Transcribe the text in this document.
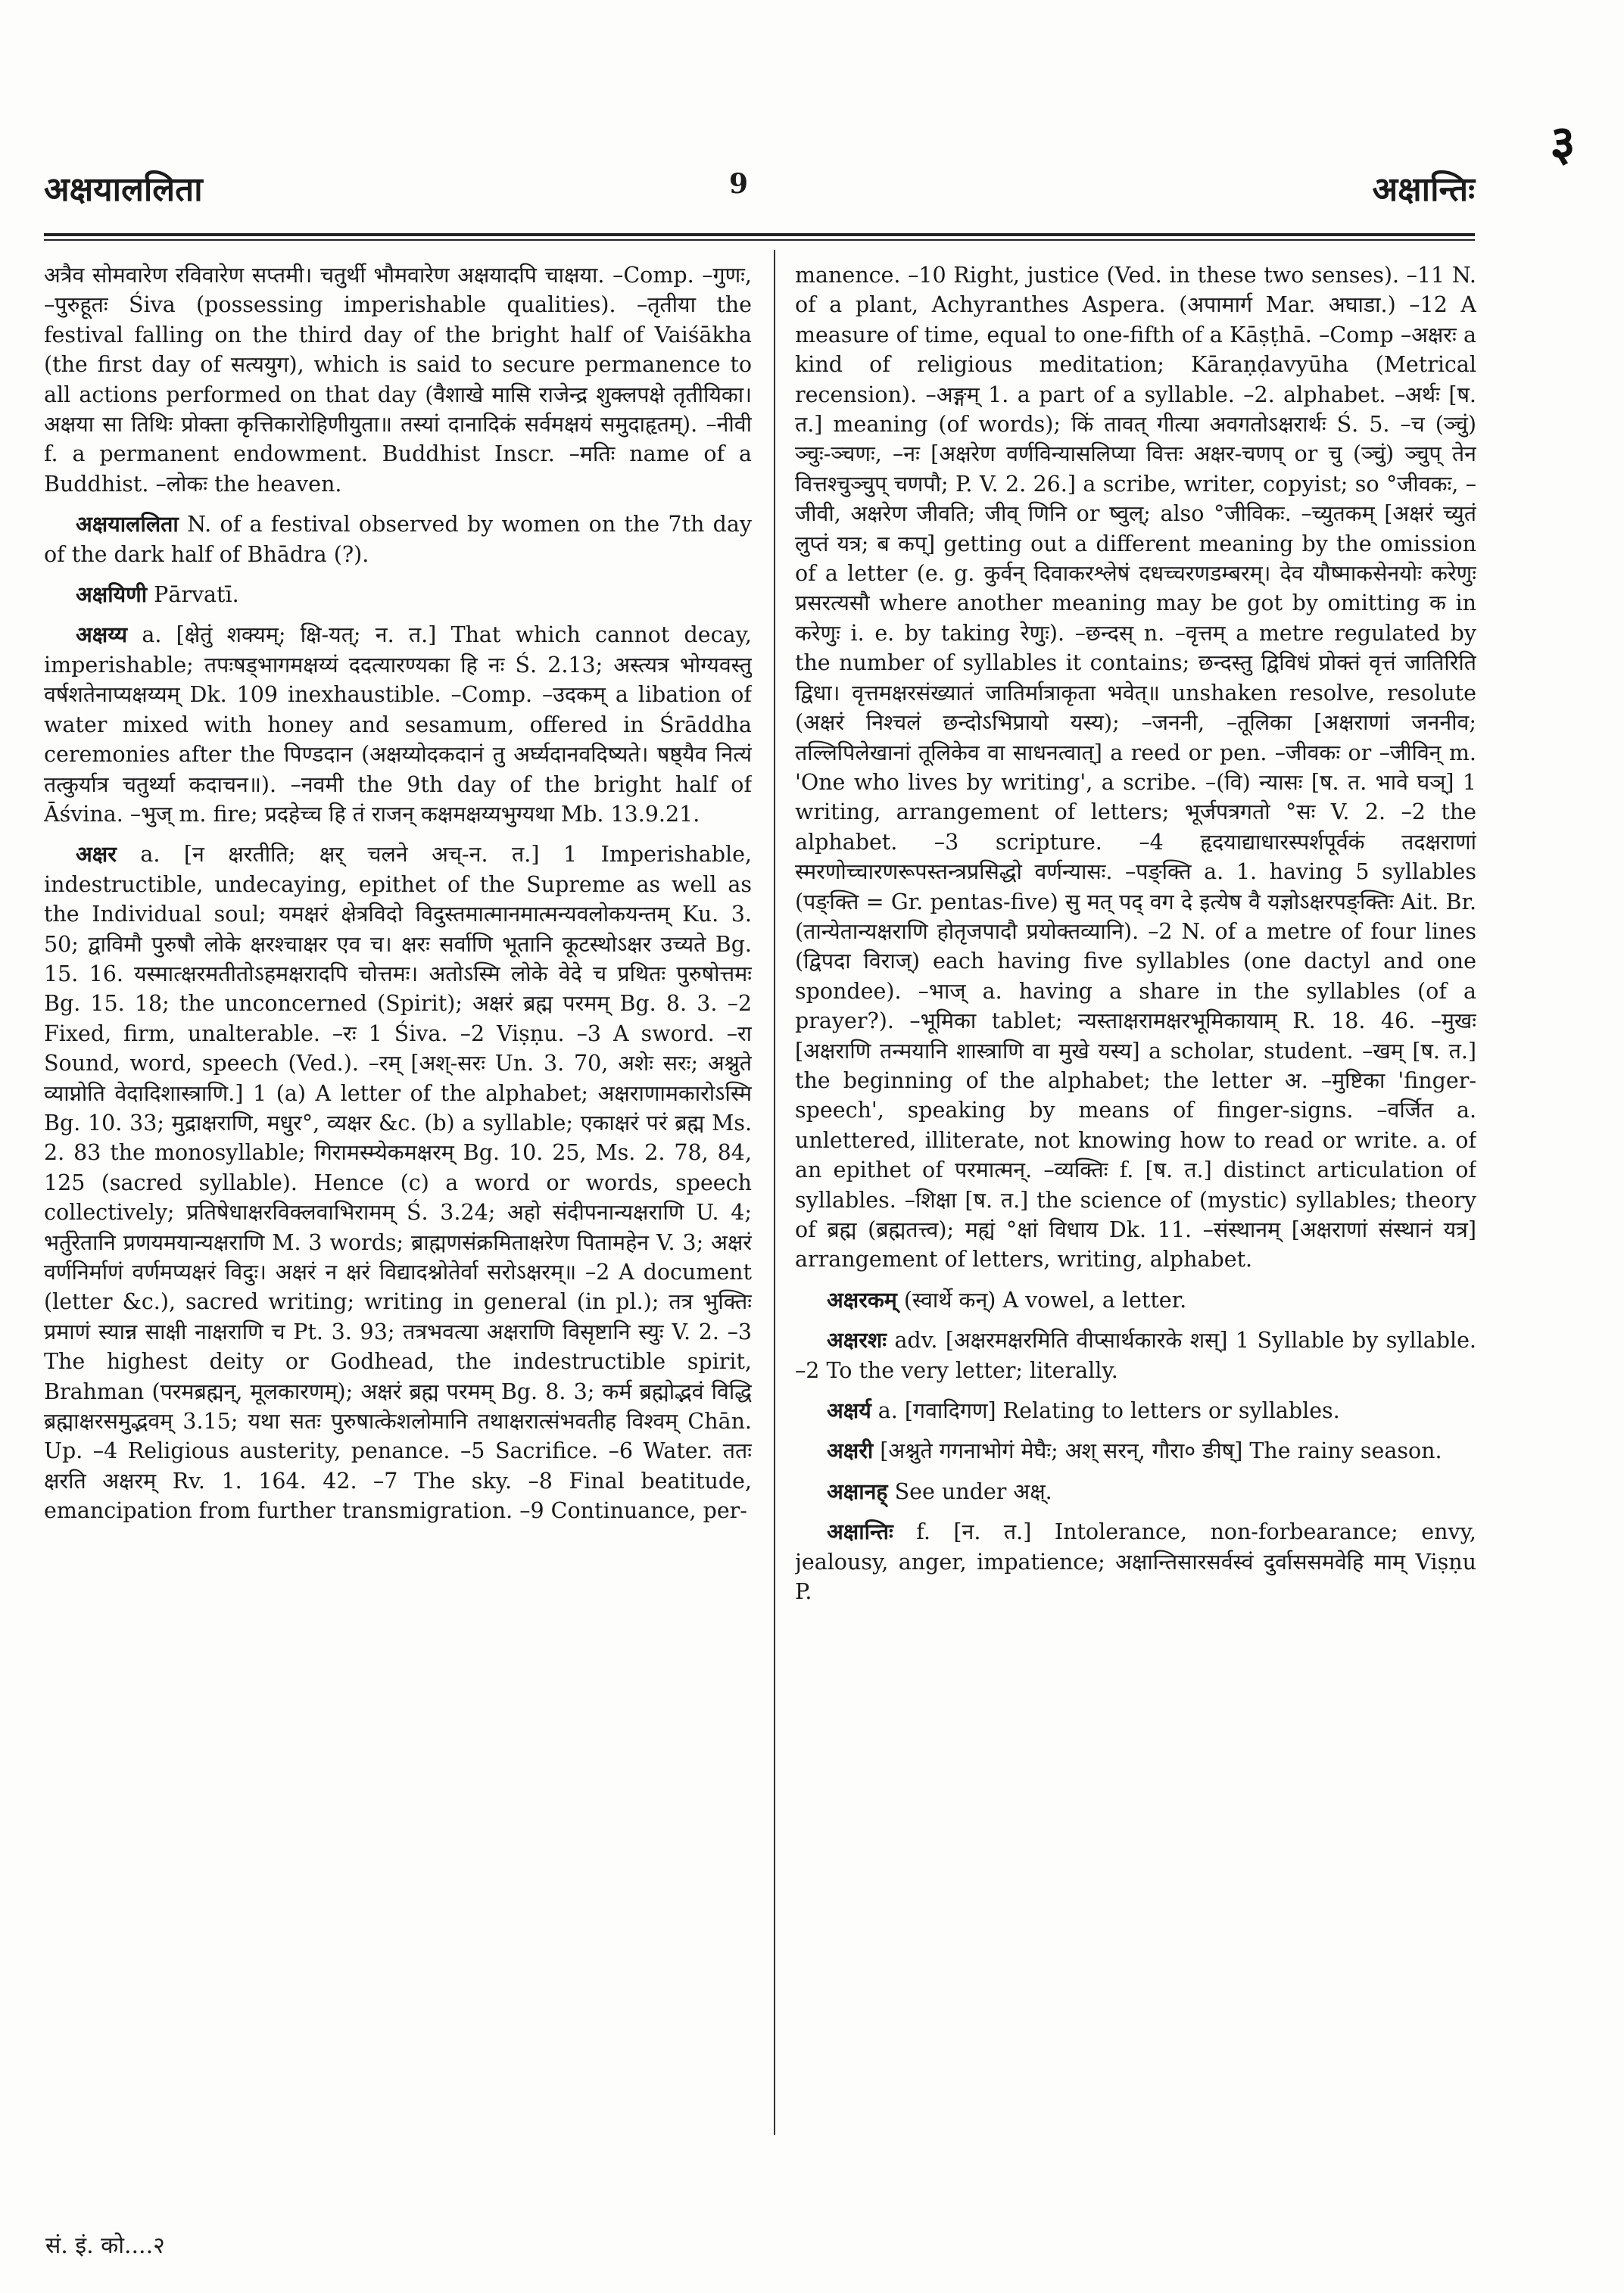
३
अक्षयाललिता	9	अक्षान्तिः

अत्रैव सोमवारेण रविवारेण सप्तमी। चतुर्थी भौमवारेण अक्षयादपि चाक्षया. –Comp. –गुणः, –पुरुहूतः Śiva (possessing imperishable qualities). –तृतीया the festival falling on the third day of the bright half of Vaiśākha (the first day of सत्ययुग), which is said to secure permanence to all actions performed on that day (वैशाखे मासि राजेन्द्र शुक्लपक्षे तृतीयिका। अक्षया सा तिथिः प्रोक्ता कृत्तिकारोहिणीयुता॥ तस्यां दानादिकं सर्वमक्षयं समुदाहृतम्). –नीवी f. a permanent endowment. Buddhist Inscr. –मतिः name of a Buddhist. –लोकः the heaven.

अक्षयाललिता N. of a festival observed by women on the 7th day of the dark half of Bhādra (?).

अक्षयिणी Pārvatī.

अक्षय्य a. [क्षेतुं शक्यम्; क्षि-यत्; न. त.] That which cannot decay, imperishable; तपःषड्भागमक्षय्यं ददत्यारण्यका हि नः Ś. 2.13; अस्त्यत्र भोग्यवस्तु वर्षशतेनाप्यक्षय्यम् Dk. 109 inexhaustible. –Comp. –उदकम् a libation of water mixed with honey and sesamum, offered in Śrāddha ceremonies after the पिण्डदान (अक्षय्योदकदानं तु अर्घ्यदानवदिष्यते। षष्ठ्यैव नित्यं तत्कुर्यात्र चतुर्थ्या कदाचन॥). –नवमी the 9th day of the bright half of Āśvina. –भुज् m. fire; प्रदहेच्च हि तं राजन् कक्षमक्षय्यभुग्यथा Mb. 13.9.21.

अक्षर a. [न क्षरतीति; क्षर् चलने अच्-न. त.] 1 Imperishable, indestructible, undecaying, epithet of the Supreme as well as the Individual soul; यमक्षरं क्षेत्रविदो विदुस्तमात्मानमात्मन्यवलोकयन्तम् Ku. 3. 50; द्वाविमौ पुरुषौ लोके क्षरश्चाक्षर एव च। क्षरः सर्वाणि भूतानि कूटस्थोऽक्षर उच्यते Bg. 15. 16. यस्मात्क्षरमतीतोऽहमक्षरादपि चोत्तमः। अतोऽस्मि लोके वेदे च प्रथितः पुरुषोत्तमः Bg. 15. 18; the unconcerned (Spirit); अक्षरं ब्रह्म परमम् Bg. 8. 3. –2 Fixed, firm, unalterable. –रः 1 Śiva. –2 Viṣṇu. –3 A sword. –रा Sound, word, speech (Ved.). –रम् [अश्-सरः Un. 3. 70, अशेः सरः; अश्नुते व्याप्नोति वेदादिशास्त्राणि.] 1 (a) A letter of the alphabet; अक्षराणामकारोऽस्मि Bg. 10. 33; मुद्राक्षराणि, मधुर°, व्यक्षर &c. (b) a syllable; एकाक्षरं परं ब्रह्म Ms. 2. 83 the monosyllable; गिरामस्म्येकमक्षरम् Bg. 10. 25, Ms. 2. 78, 84, 125 (sacred syllable). Hence (c) a word or words, speech collectively; प्रतिषेधाक्षरविक्लवाभिरामम् Ś. 3.24; अहो संदीपनान्यक्षराणि U. 4; भर्तुरेतानि प्रणयमयान्यक्षराणि M. 3 words; ब्राह्मणसंक्रमिताक्षरेण पितामहेन V. 3; अक्षरं वर्णनिर्माणं वर्णमप्यक्षरं विदुः। अक्षरं न क्षरं विद्यादश्नोतेर्वा सरोऽक्षरम्॥ –2 A document (letter &c.), sacred writing; writing in general (in pl.); तत्र भुक्तिः प्रमाणं स्यान्न साक्षी नाक्षराणि च Pt. 3. 93; तत्रभवत्या अक्षराणि विसृष्टानि स्युः V. 2. –3 The highest deity or Godhead, the indestructible spirit, Brahman (परमब्रह्मन्, मूलकारणम्); अक्षरं ब्रह्म परमम् Bg. 8. 3; कर्म ब्रह्मोद्भवं विद्धि ब्रह्माक्षरसमुद्भवम् 3.15; यथा सतः पुरुषात्केशलोमानि तथाक्षरात्संभवतीह विश्वम् Chān. Up. –4 Religious austerity, penance. –5 Sacrifice. –6 Water. ततः क्षरति अक्षरम् Rv. 1. 164. 42. –7 The sky. –8 Final beatitude, emancipation from further transmigration. –9 Continuance, per-

manence. –10 Right, justice (Ved. in these two senses). –11 N. of a plant, Achyranthes Aspera. (अपामार्ग Mar. अघाडा.) –12 A measure of time, equal to one-fifth of a Kāṣṭhā. –Comp –अक्षरः a kind of religious meditation; Kāraṇḍavyūha (Metrical recension). –अङ्गम् 1. a part of a syllable. –2. alphabet. –अर्थः [ष. त.] meaning (of words); किं तावत् गीत्या अवगतोऽक्षरार्थः Ś. 5. –च (ञ्चुं) ञ्चुः-ञ्चणः, –नः [अक्षरेण वर्णविन्यासलिप्या वित्तः अक्षर-चणप् or चु (ञ्चुं) ञ्चुप् तेन वित्तश्चुञ्चुप् चणपौ; P. V. 2. 26.] a scribe, writer, copyist; so °जीवकः, –जीवी, अक्षरेण जीवति; जीव् णिनि or ष्वुल्; also °जीविकः. –च्युतकम् [अक्षरं च्युतं लुप्तं यत्र; ब कप्] getting out a different meaning by the omission of a letter (e. g. कुर्वन् दिवाकरश्लेषं दधच्चरणडम्बरम्। देव यौष्माकसेनयोः करेणुः प्रसरत्यसौ where another meaning may be got by omitting क in करेणुः i. e. by taking रेणुः). –छन्दस् n. –वृत्तम् a metre regulated by the number of syllables it contains; छन्दस्तु द्विविधं प्रोक्तं वृत्तं जातिरिति द्विधा। वृत्तमक्षरसंख्यातं जातिर्मात्राकृता भवेत्॥ unshaken resolve, resolute (अक्षरं निश्चलं छन्दोऽभिप्रायो यस्य); –जननी, –तूलिका [अक्षराणां जननीव; तल्लिपिलेखानां तूलिकेव वा साधनत्वात्] a reed or pen. –जीवकः or –जीविन् m. 'One who lives by writing', a scribe. –(वि) न्यासः [ष. त. भावे घञ्] 1 writing, arrangement of letters; भूर्जपत्रगतो °सः V. 2. –2 the alphabet. –3 scripture. –4 हृदयाद्याधारस्पर्शपूर्वकं तदक्षराणां स्मरणोच्चारणरूपस्तन्त्रप्रसिद्धो वर्णन्यासः. –पङ्क्ति a. 1. having 5 syllables (पङ्क्ति = Gr. pentas-five) सु मत् पद् वग दे इत्येष वै यज्ञोऽक्षरपङ्क्तिः Ait. Br. (तान्येतान्यक्षराणि होतृजपादौ प्रयोक्तव्यानि). –2 N. of a metre of four lines (द्विपदा विराज्) each having five syllables (one dactyl and one spondee). –भाज् a. having a share in the syllables (of a prayer?). –भूमिका tablet; न्यस्ताक्षरामक्षरभूमिकायाम् R. 18. 46. –मुखः [अक्षराणि तन्मयानि शास्त्राणि वा मुखे यस्य] a scholar, student. –खम् [ष. त.] the beginning of the alphabet; the letter अ. –मुष्टिका 'finger-speech', speaking by means of finger-signs. –वर्जित a. unlettered, illiterate, not knowing how to read or write. a. of an epithet of परमात्मन्. –व्यक्तिः f. [ष. त.] distinct articulation of syllables. –शिक्षा [ष. त.] the science of (mystic) syllables; theory of ब्रह्म (ब्रह्मतत्त्व); मह्यं °क्षां विधाय Dk. 11. –संस्थानम् [अक्षराणां संस्थानं यत्र] arrangement of letters, writing, alphabet.

अक्षरकम् (स्वार्थे कन्) A vowel, a letter.

अक्षरशः adv. [अक्षरमक्षरमिति वीप्सार्थकारके शस्] 1 Syllable by syllable. –2 To the very letter; literally.

अक्षर्य a. [गवादिगण] Relating to letters or syllables.

अक्षरी [अश्नुते गगनाभोगं मेघैः; अश् सरन्, गौरा० ङीष्] The rainy season.

अक्षानह् See under अक्ष्.

अक्षान्तिः f. [न. त.] Intolerance, non-forbearance; envy, jealousy, anger, impatience; अक्षान्तिसारसर्वस्वं दुर्वाससमवेहि माम् Viṣṇu P.

सं. इं. को....२
